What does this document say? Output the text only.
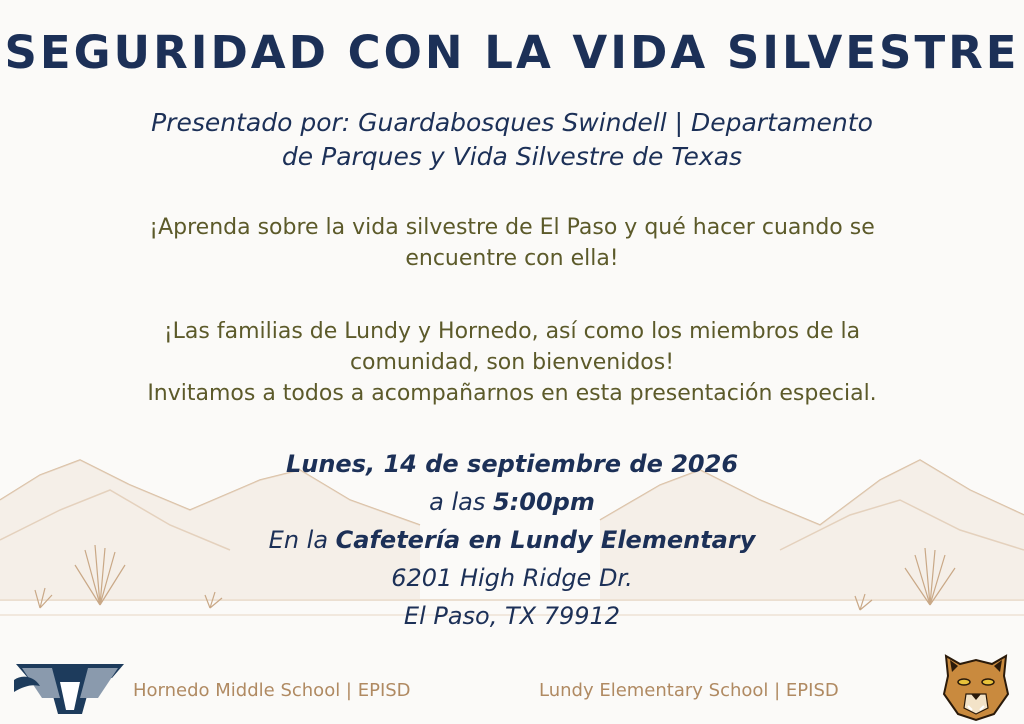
SEGURIDAD CON LA VIDA SILVESTRE
Presentado por: Guardabosques Swindell | Departamento
de Parques y Vida Silvestre de Texas
¡Aprenda sobre la vida silvestre de El Paso y qué hacer cuando se
encuentre con ella!
¡Las familias de Lundy y Hornedo, así como los miembros de la
comunidad, son bienvenidos!
Invitamos a todos a acompañarnos en esta presentación especial.
Lunes, 14 de septiembre de 2026
a las 5:00pm
En la Cafetería en Lundy Elementary
6201 High Ridge Dr.
El Paso, TX 79912
Hornedo Middle School | EPISD	Lundy Elementary School | EPISD
